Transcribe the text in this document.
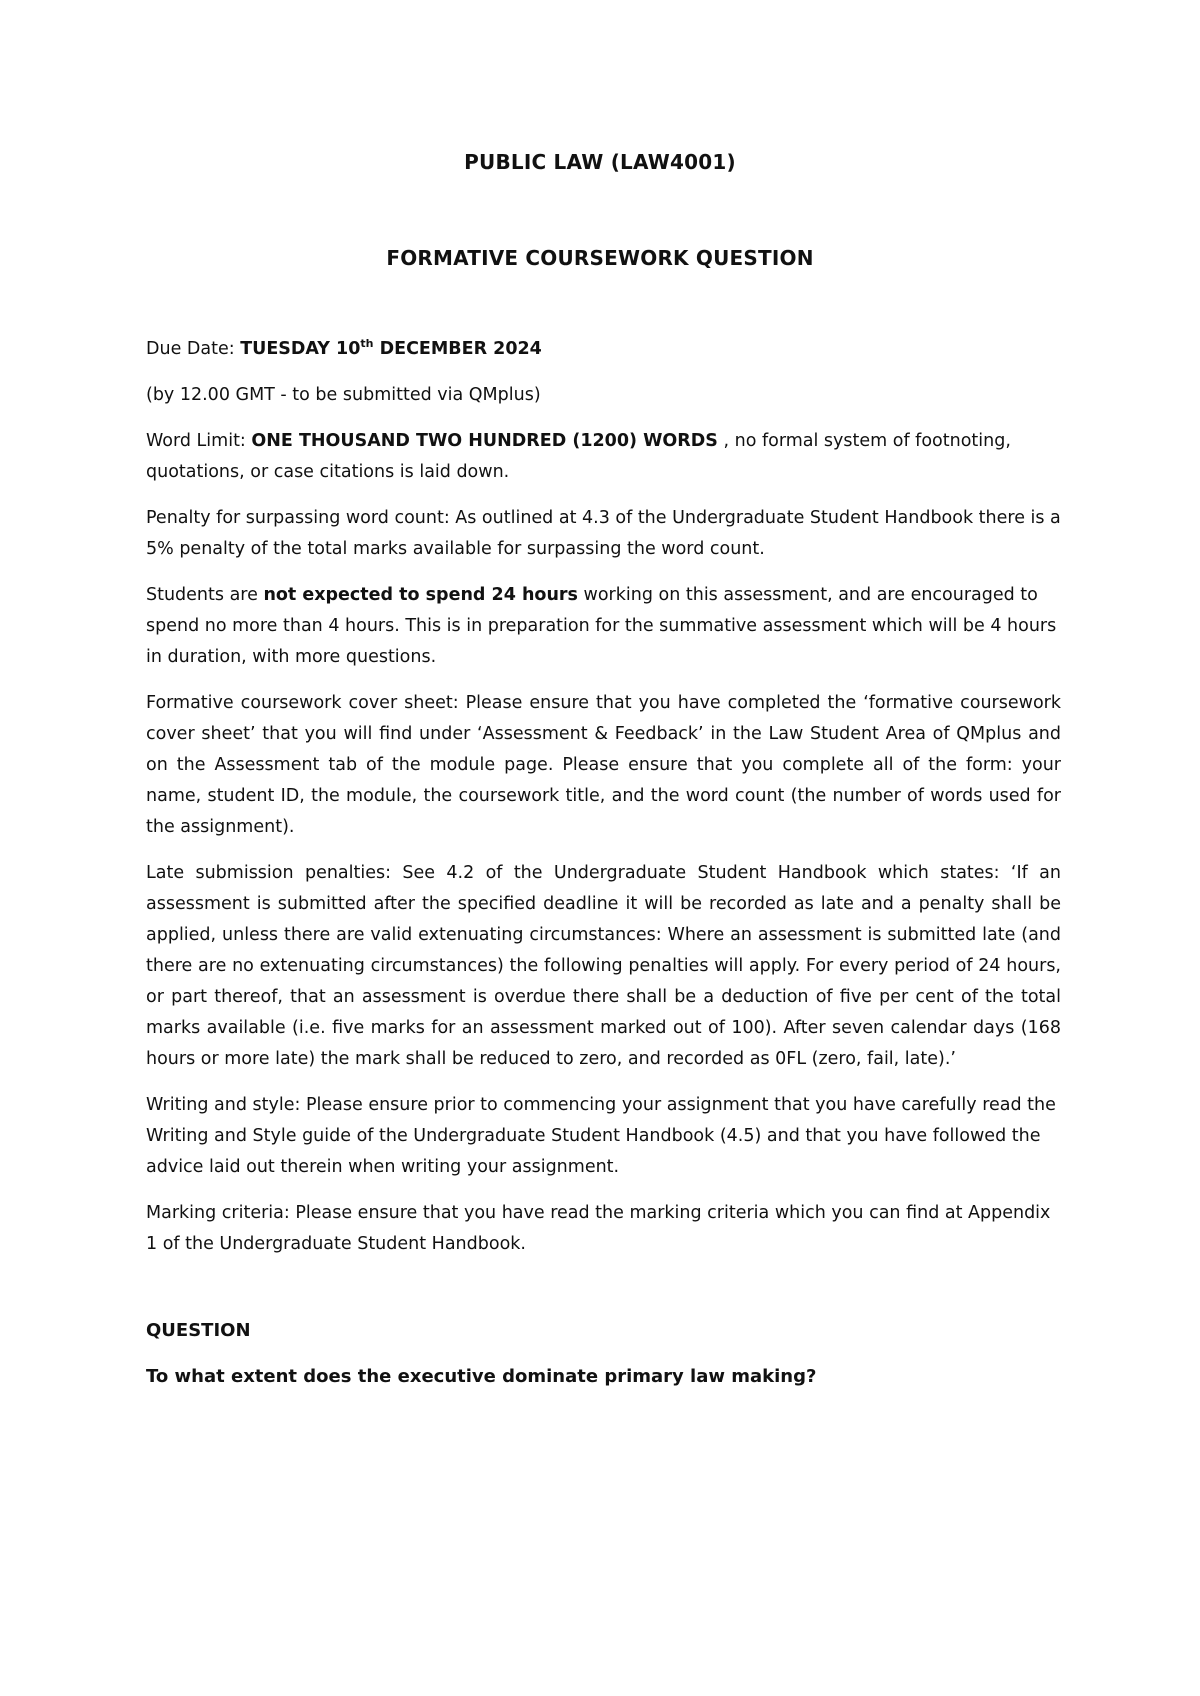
PUBLIC LAW (LAW4001)
FORMATIVE COURSEWORK QUESTION

Due Date: TUESDAY 10th DECEMBER 2024

(by 12.00 GMT - to be submitted via QMplus)

Word Limit: ONE THOUSAND TWO HUNDRED (1200) WORDS , no formal system of footnoting, quotations, or case citations is laid down.

Penalty for surpassing word count: As outlined at 4.3 of the Undergraduate Student Handbook there is a 5% penalty of the total marks available for surpassing the word count.

Students are not expected to spend 24 hours working on this assessment, and are encouraged to spend no more than 4 hours. This is in preparation for the summative assessment which will be 4 hours in duration, with more questions.

Formative coursework cover sheet: Please ensure that you have completed the ‘formative coursework cover sheet’ that you will find under ‘Assessment & Feedback’ in the Law Student Area of QMplus and on the Assessment tab of the module page. Please ensure that you complete all of the form: your name, student ID, the module, the coursework title, and the word count (the number of words used for the assignment).

Late submission penalties: See 4.2 of the Undergraduate Student Handbook which states: ‘If an assessment is submitted after the specified deadline it will be recorded as late and a penalty shall be applied, unless there are valid extenuating circumstances: Where an assessment is submitted late (and there are no extenuating circumstances) the following penalties will apply. For every period of 24 hours, or part thereof, that an assessment is overdue there shall be a deduction of five per cent of the total marks available (i.e. five marks for an assessment marked out of 100). After seven calendar days (168 hours or more late) the mark shall be reduced to zero, and recorded as 0FL (zero, fail, late).’

Writing and style: Please ensure prior to commencing your assignment that you have carefully read the Writing and Style guide of the Undergraduate Student Handbook (4.5) and that you have followed the advice laid out therein when writing your assignment.

Marking criteria: Please ensure that you have read the marking criteria which you can find at Appendix 1 of the Undergraduate Student Handbook.

QUESTION

To what extent does the executive dominate primary law making?
